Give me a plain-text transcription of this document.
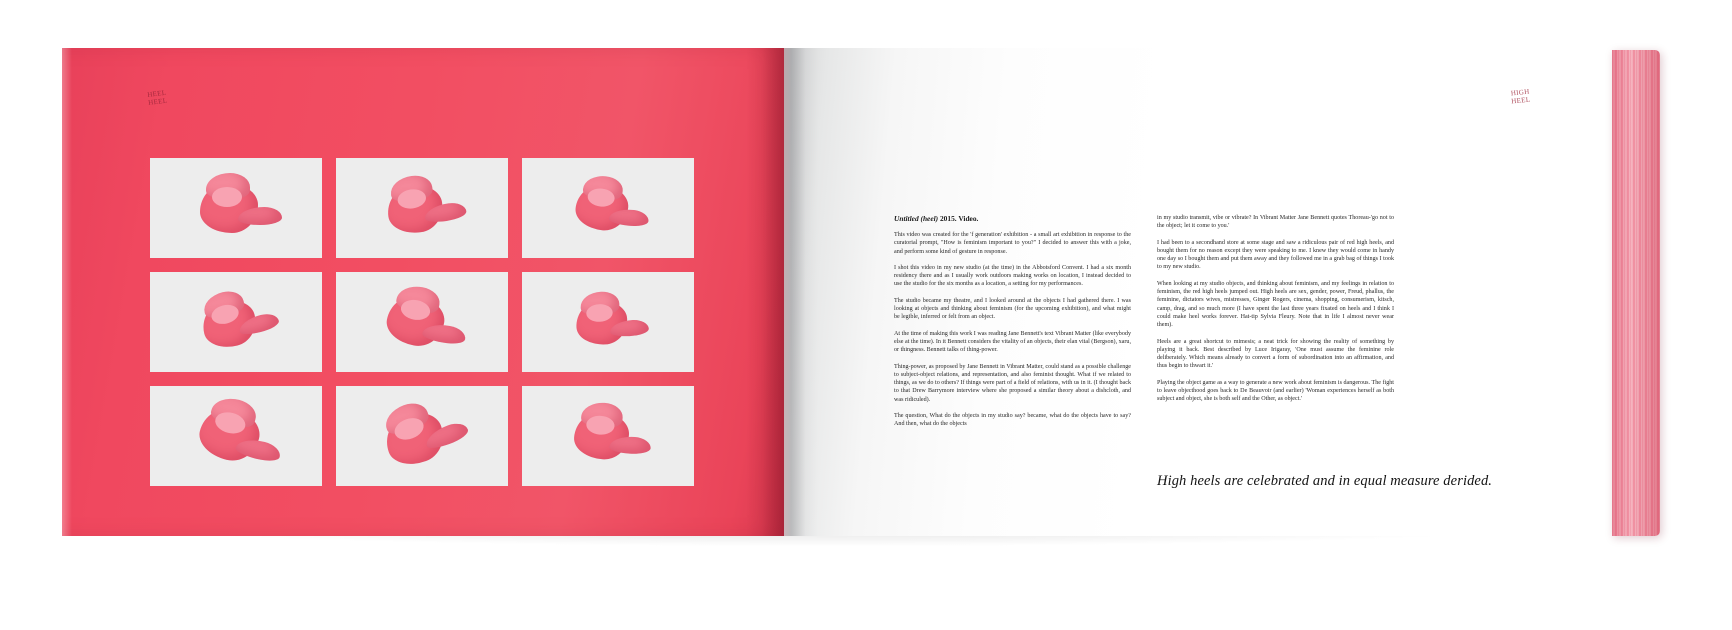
HEEL
HEEL
HIGH
HEEL

Untitled (heel) 2015. Video.

This video was created for the 'f generation' exhibition - a small art exhibition in response to the curatorial prompt, "How is feminism important to you?" I decided to answer this with a joke, and perform some kind of gesture in response.

I shot this video in my new studio (at the time) in the Abbotsford Convent. I had a six month residency there and as I usually work outdoors making works on location, I instead decided to use the studio for the six months as a location, a setting for my performances.

The studio became my theatre, and I looked around at the objects I had gathered there. I was looking at objects and thinking about feminism (for the upcoming exhibition), and what might be legible, inferred or felt from an object.

At the time of making this work I was reading Jane Bennett's text Vibrant Matter (like everybody else at the time). In it Bennett considers the vitality of an objects, their elan vital (Bergson), xaru, or thingness. Bennett talks of thing-power.

Thing-power, as proposed by Jane Bennett in Vibrant Matter, could stand as a possible challenge to subject-object relations, and representation, and also feminist thought. What if we related to things, as we do to others? If things were part of a field of relations, with us in it. (I thought back to that Drew Barrymore interview where she proposed a similar theory about a dishcloth, and was ridiculed).

The question, What do the objects in my studio say? became, what do the objects have to say? And then, what do the objects

in my studio transmit, vibe or vibrate? In Vibrant Matter Jane Bennett quotes Thoreau-'go not to the object; let it come to you.'

I had been to a secondhand store at some stage and saw a ridiculous pair of red high heels, and bought them for no reason except they were speaking to me. I knew they would come in handy one day so I bought them and put them away and they followed me in a grab bag of things I took to my new studio.

When looking at my studio objects, and thinking about feminism, and my feelings in relation to feminism, the red high heels jumped out. High heels are sex, gender, power, Freud, phallus, the feminine, dictators wives, mistresses, Ginger Rogers, cinema, shopping, consumerism, kitsch, camp, drag, and so much more (I have spent the last three years fixated on heels and I think I could make heel works forever. Hat-tip Sylvia Fleury. Note that in life I almost never wear them).

Heels are a great shortcut to mimesis; a neat trick for showing the reality of something by playing it back. Best described by Luce Irigaray, 'One must assume the feminine role deliberately. Which means already to convert a form of subordination into an affirmation, and thus begin to thwart it.'

Playing the object game as a way to generate a new work about feminism is dangerous. The fight to leave objecthood goes back to De Beauvoir (and earlier) 'Woman experiences herself as both subject and object, she is both self and the Other, as object.'

High heels are celebrated and in equal measure derided.
